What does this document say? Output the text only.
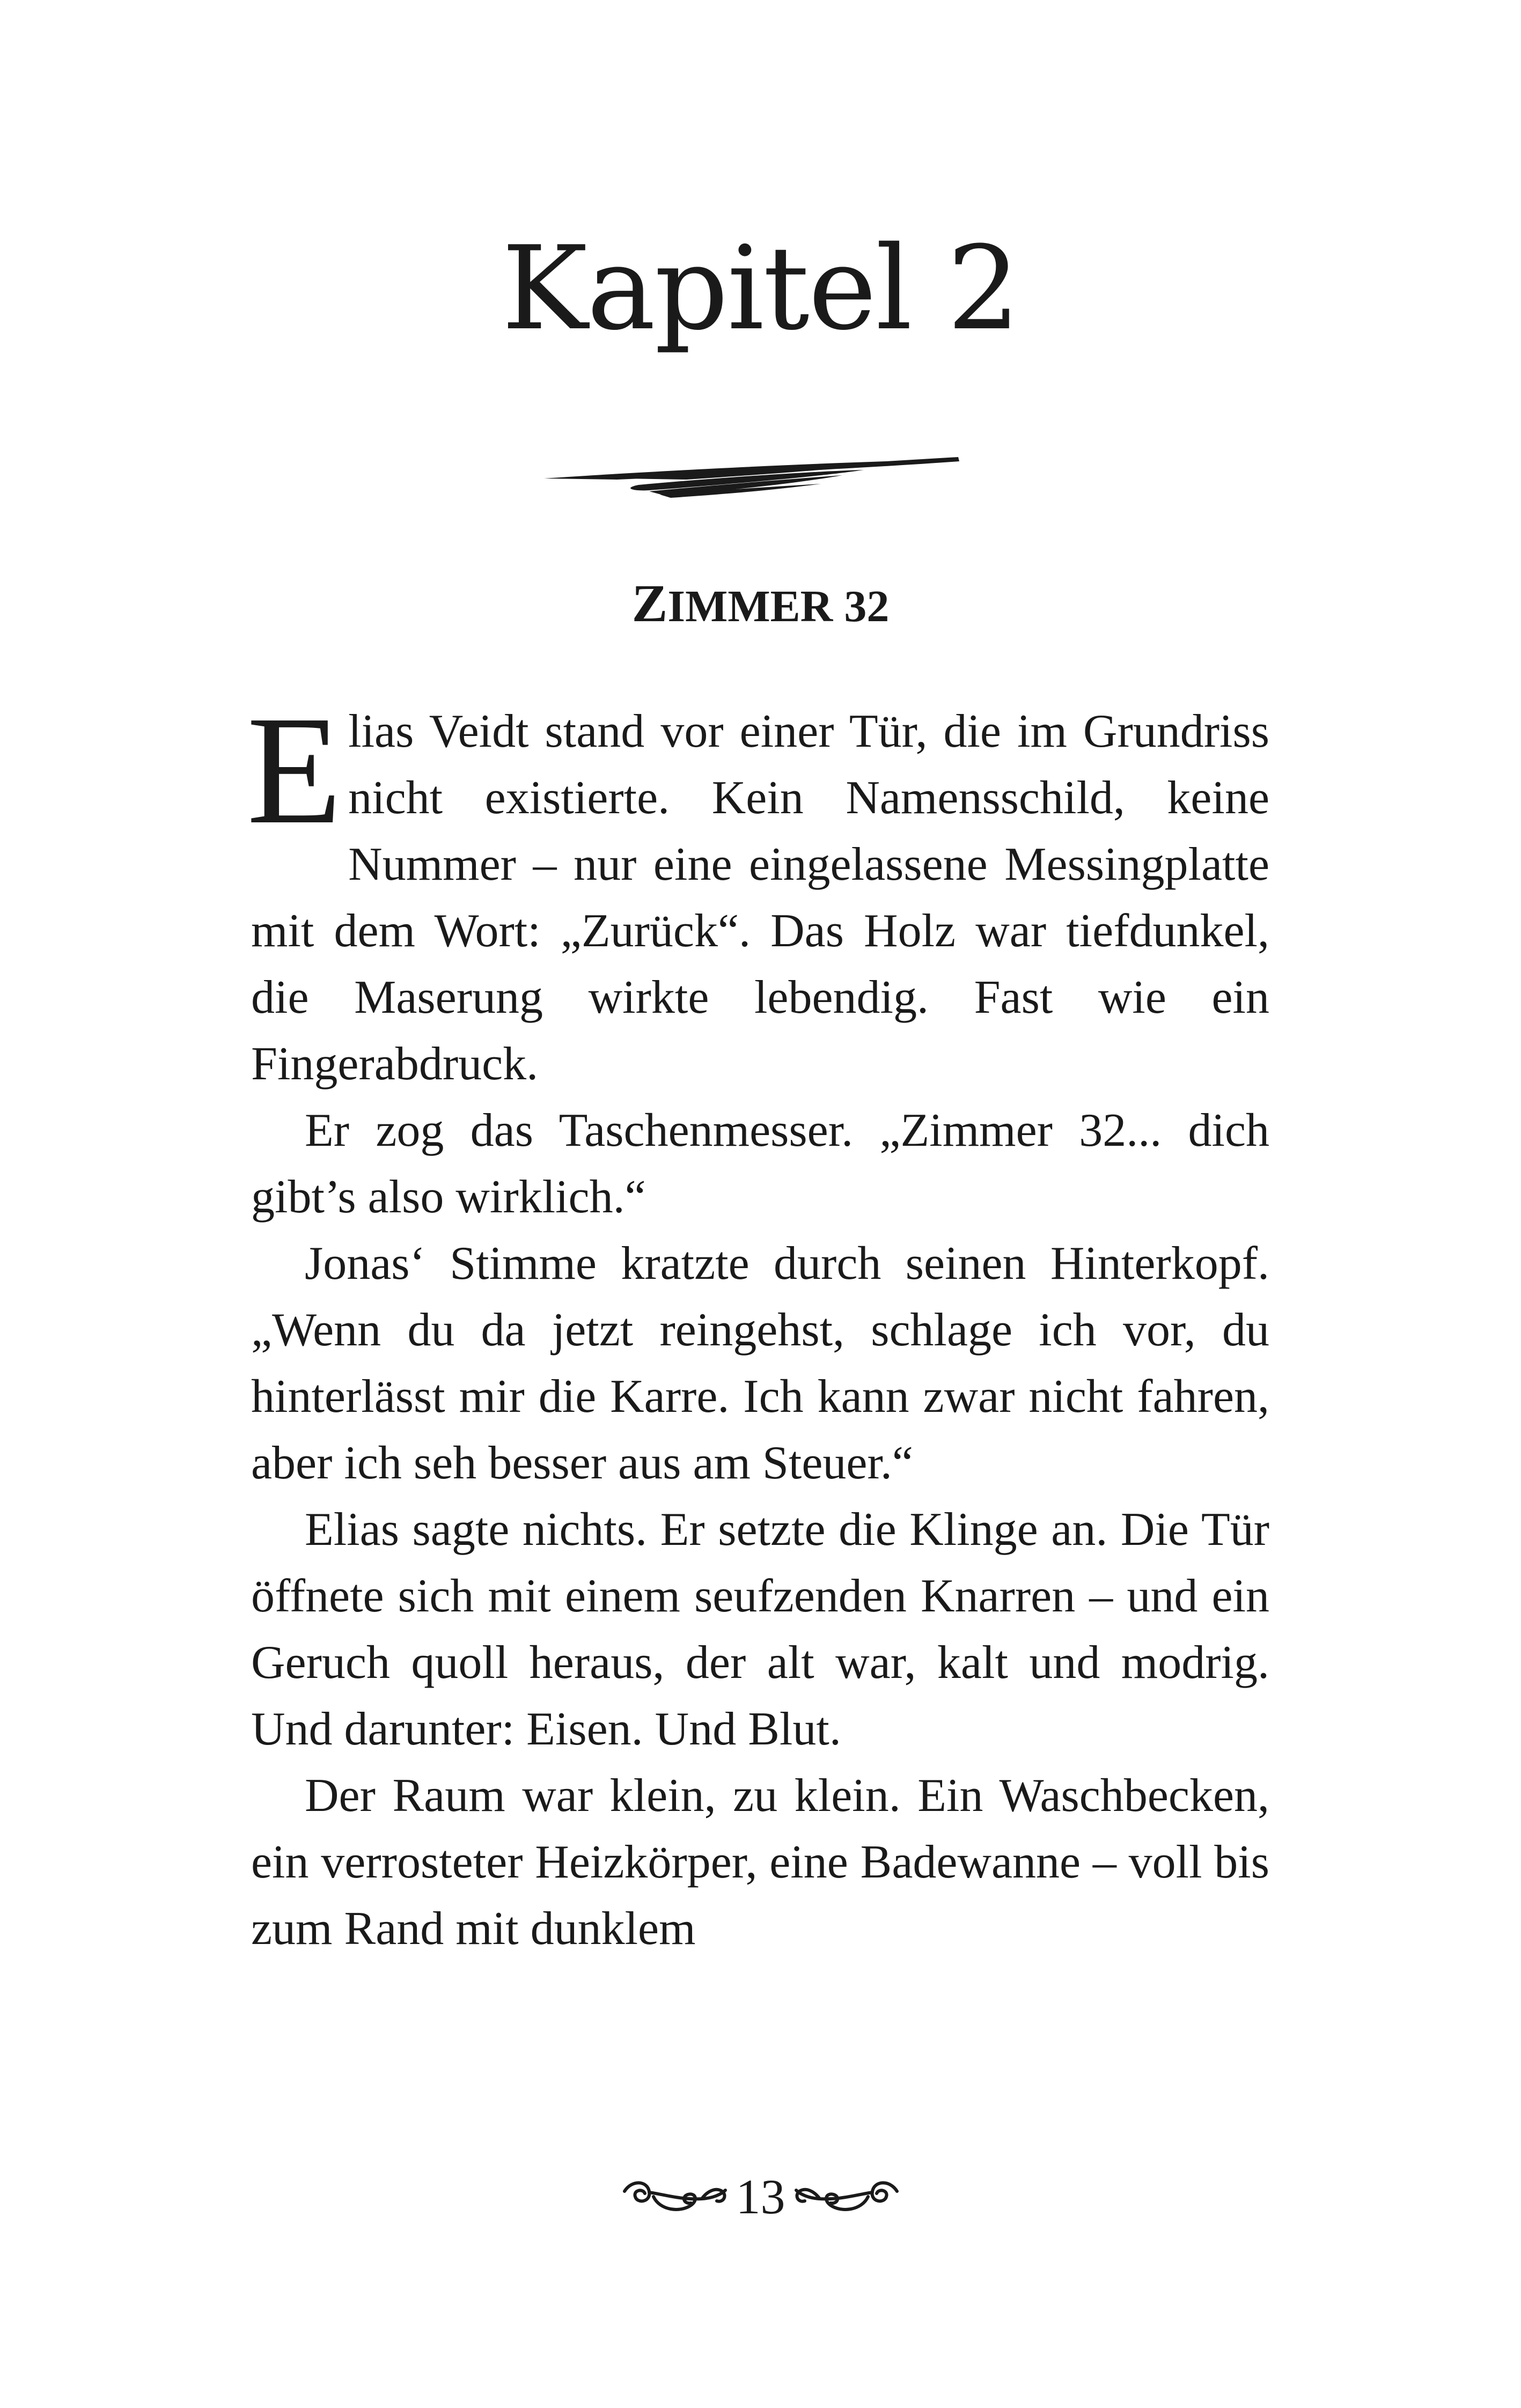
Kapitel 2
ZIMMER 32

Elias Veidt stand vor einer Tür, die im Grundriss nicht existierte. Kein Namensschild, keine Nummer – nur eine eingelassene Messingplatte mit dem Wort: „Zurück“. Das Holz war tiefdunkel, die Maserung wirkte lebendig. Fast wie ein Fingerabdruck.

Er zog das Taschenmesser. „Zimmer 32... dich gibt’s also wirklich.“

Jonas‘ Stimme kratzte durch seinen Hinterkopf. „Wenn du da jetzt reingehst, schlage ich vor, du hinterlässt mir die Karre. Ich kann zwar nicht fahren, aber ich seh besser aus am Steuer.“

Elias sagte nichts. Er setzte die Klinge an. Die Tür öffnete sich mit einem seufzenden Knarren – und ein Geruch quoll heraus, der alt war, kalt und modrig. Und darunter: Eisen. Und Blut.

Der Raum war klein, zu klein. Ein Waschbecken, ein verrosteter Heizkörper, eine Badewanne – voll bis zum Rand mit dunklem

13
